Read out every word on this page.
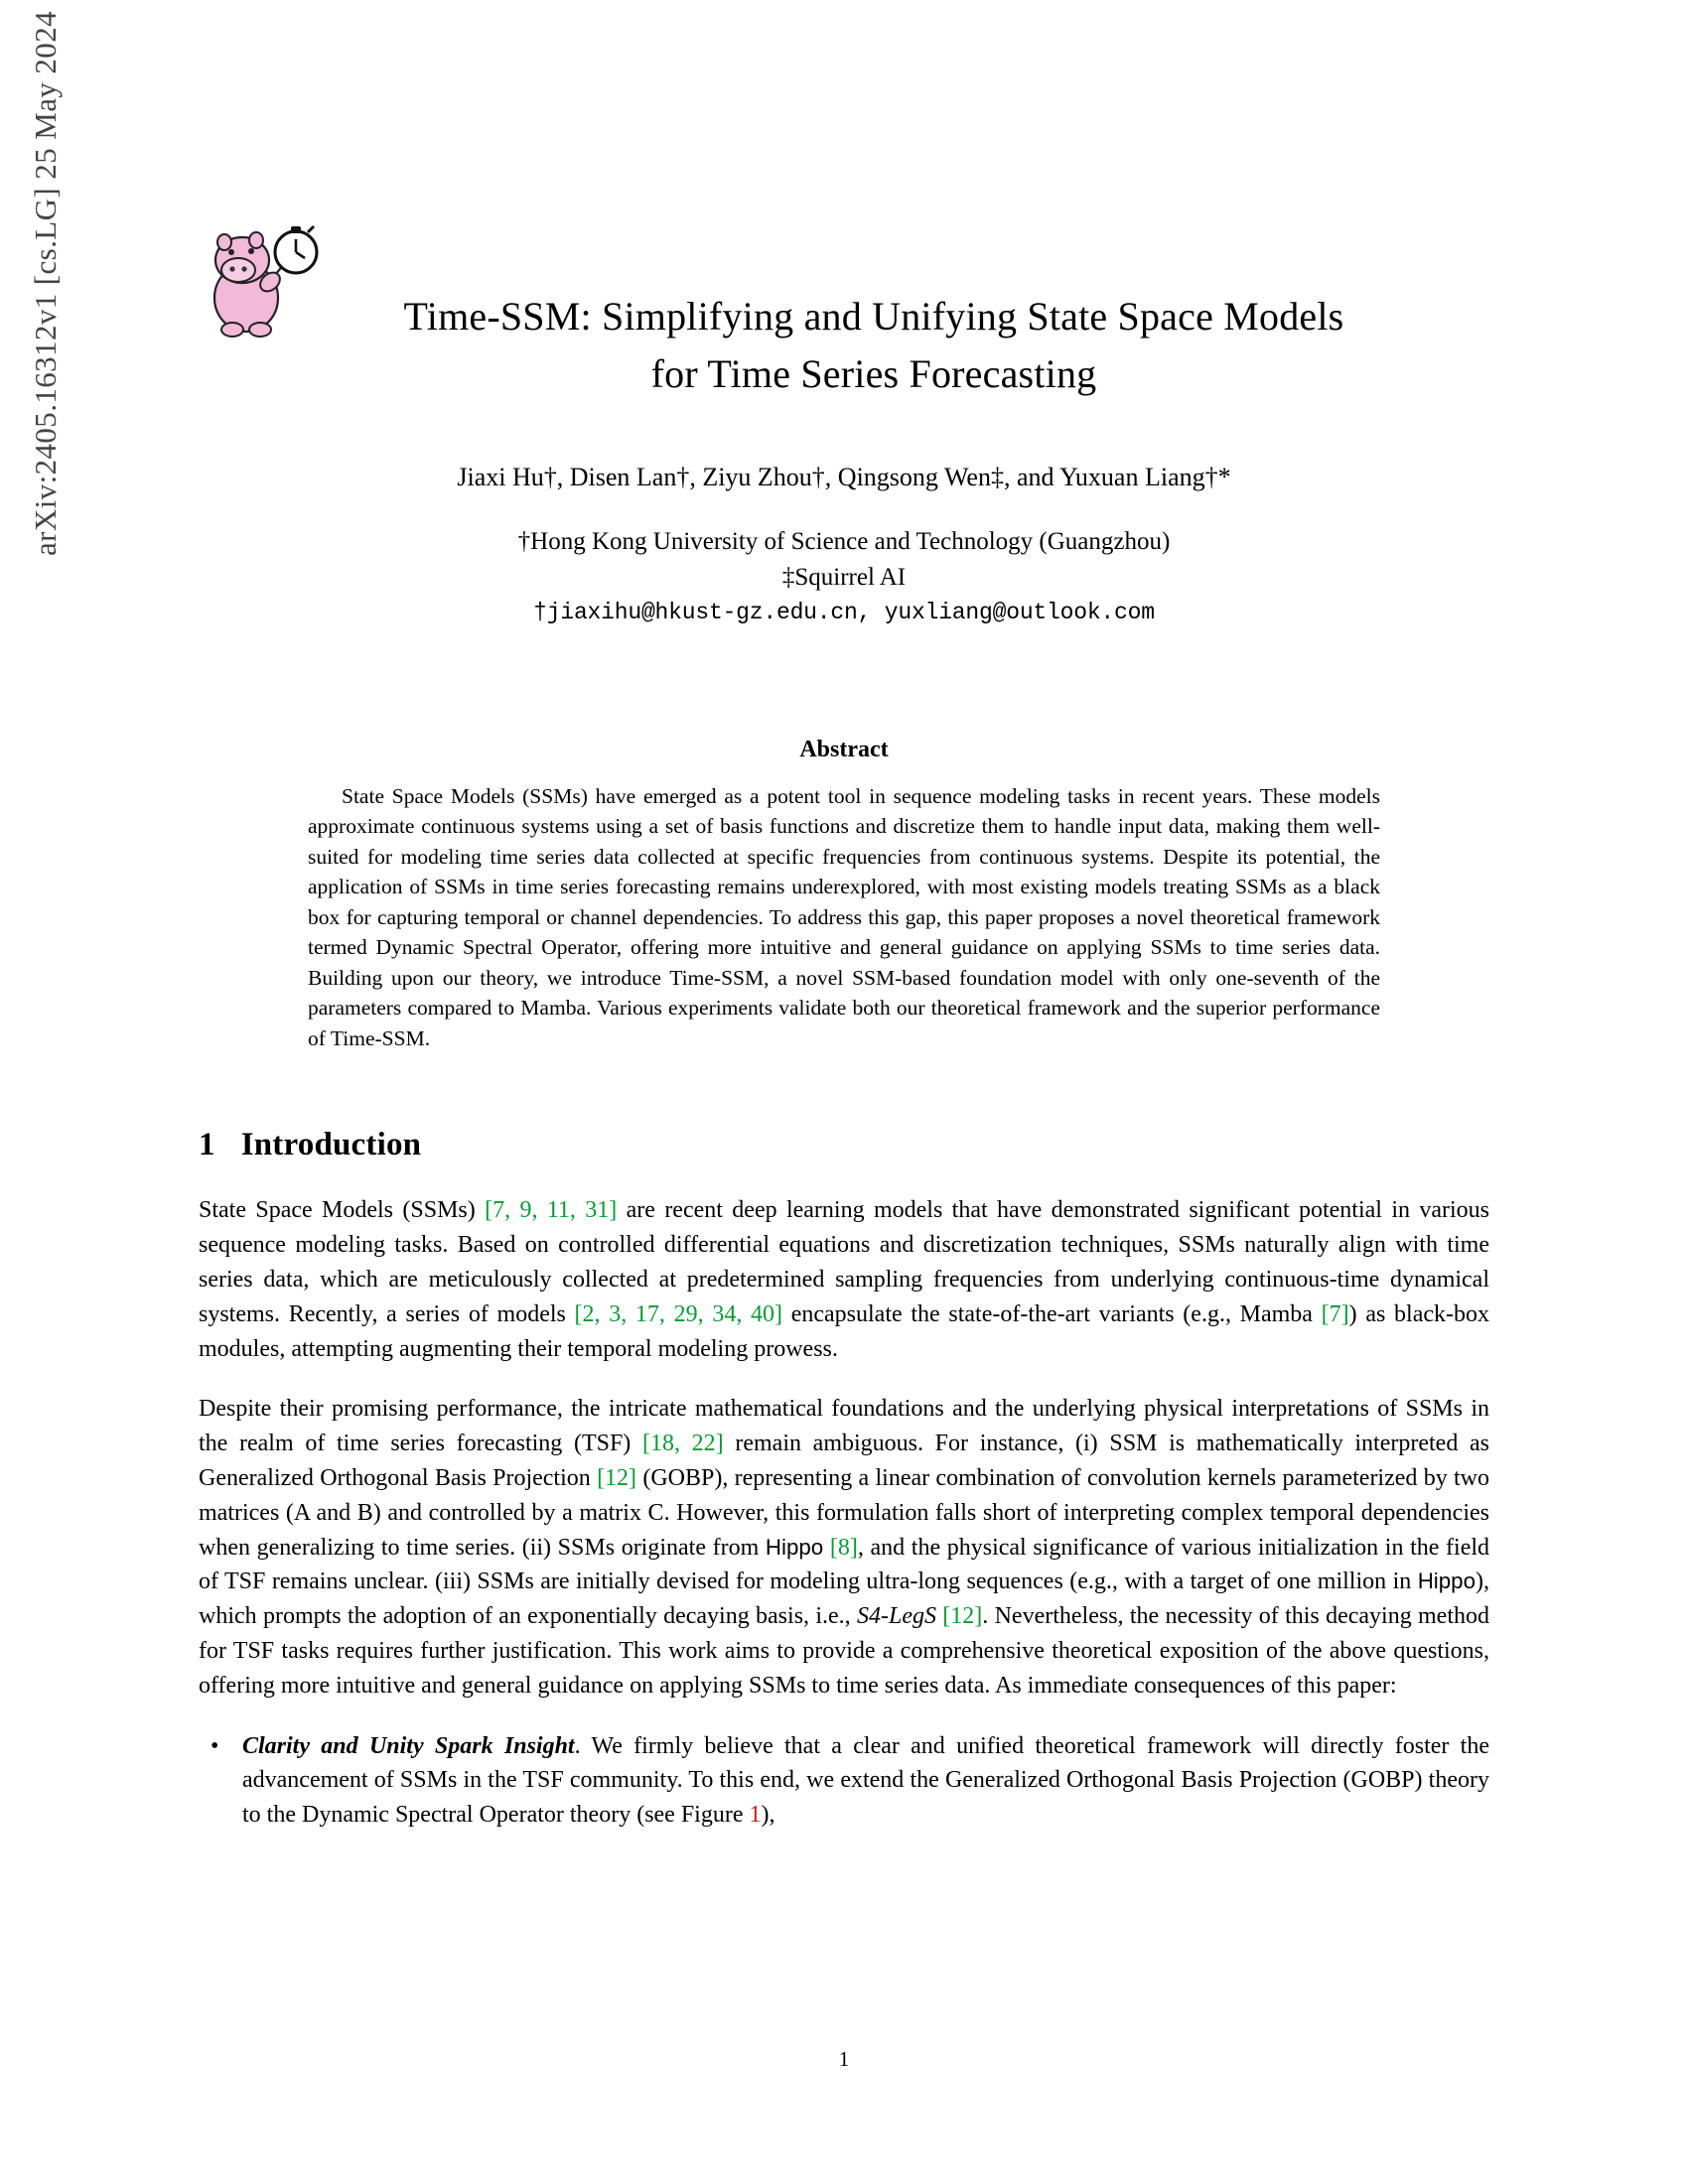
arXiv:2405.16312v1 [cs.LG] 25 May 2024	Time-SSM: Simplifying and Unifying State Space Models
for Time Series Forecasting
Jiaxi Hu†, Disen Lan†, Ziyu Zhou†, Qingsong Wen‡, and Yuxuan Liang†*
†Hong Kong University of Science and Technology (Guangzhou)
‡Squirrel AI
†jiaxihu@hkust-gz.edu.cn, yuxliang@outlook.com
Abstract
State Space Models (SSMs) have emerged as a potent tool in sequence modeling tasks in recent years. These models approximate continuous systems using a set of basis functions and discretize them to handle input data, making them well-suited for modeling time series data collected at specific frequencies from continuous systems. Despite its potential, the application of SSMs in time series forecasting remains underexplored, with most existing models treating SSMs as a black box for capturing temporal or channel dependencies. To address this gap, this paper proposes a novel theoretical framework termed Dynamic Spectral Operator, offering more intuitive and general guidance on applying SSMs to time series data. Building upon our theory, we introduce Time-SSM, a novel SSM-based foundation model with only one-seventh of the parameters compared to Mamba. Various experiments validate both our theoretical framework and the superior performance of Time-SSM.
1 Introduction

State Space Models (SSMs) [7, 9, 11, 31] are recent deep learning models that have demonstrated significant potential in various sequence modeling tasks. Based on controlled differential equations and discretization techniques, SSMs naturally align with time series data, which are meticulously collected at predetermined sampling frequencies from underlying continuous-time dynamical systems. Recently, a series of models [2, 3, 17, 29, 34, 40] encapsulate the state-of-the-art variants (e.g., Mamba [7]) as black-box modules, attempting augmenting their temporal modeling prowess.

Despite their promising performance, the intricate mathematical foundations and the underlying physical interpretations of SSMs in the realm of time series forecasting (TSF) [18, 22] remain ambiguous. For instance, (i) SSM is mathematically interpreted as Generalized Orthogonal Basis Projection [12] (GOBP), representing a linear combination of convolution kernels parameterized by two matrices (A and B) and controlled by a matrix C. However, this formulation falls short of interpreting complex temporal dependencies when generalizing to time series. (ii) SSMs originate from Hippo [8], and the physical significance of various initialization in the field of TSF remains unclear. (iii) SSMs are initially devised for modeling ultra-long sequences (e.g., with a target of one million in Hippo), which prompts the adoption of an exponentially decaying basis, i.e., S4-LegS [12]. Nevertheless, the necessity of this decaying method for TSF tasks requires further justification. This work aims to provide a comprehensive theoretical exposition of the above questions, offering more intuitive and general guidance on applying SSMs to time series data. As immediate consequences of this paper:

• Clarity and Unity Spark Insight. We firmly believe that a clear and unified theoretical framework will directly foster the advancement of SSMs in the TSF community. To this end, we extend the Generalized Orthogonal Basis Projection (GOBP) theory to the Dynamic Spectral Operator theory (see Figure 1),
1
